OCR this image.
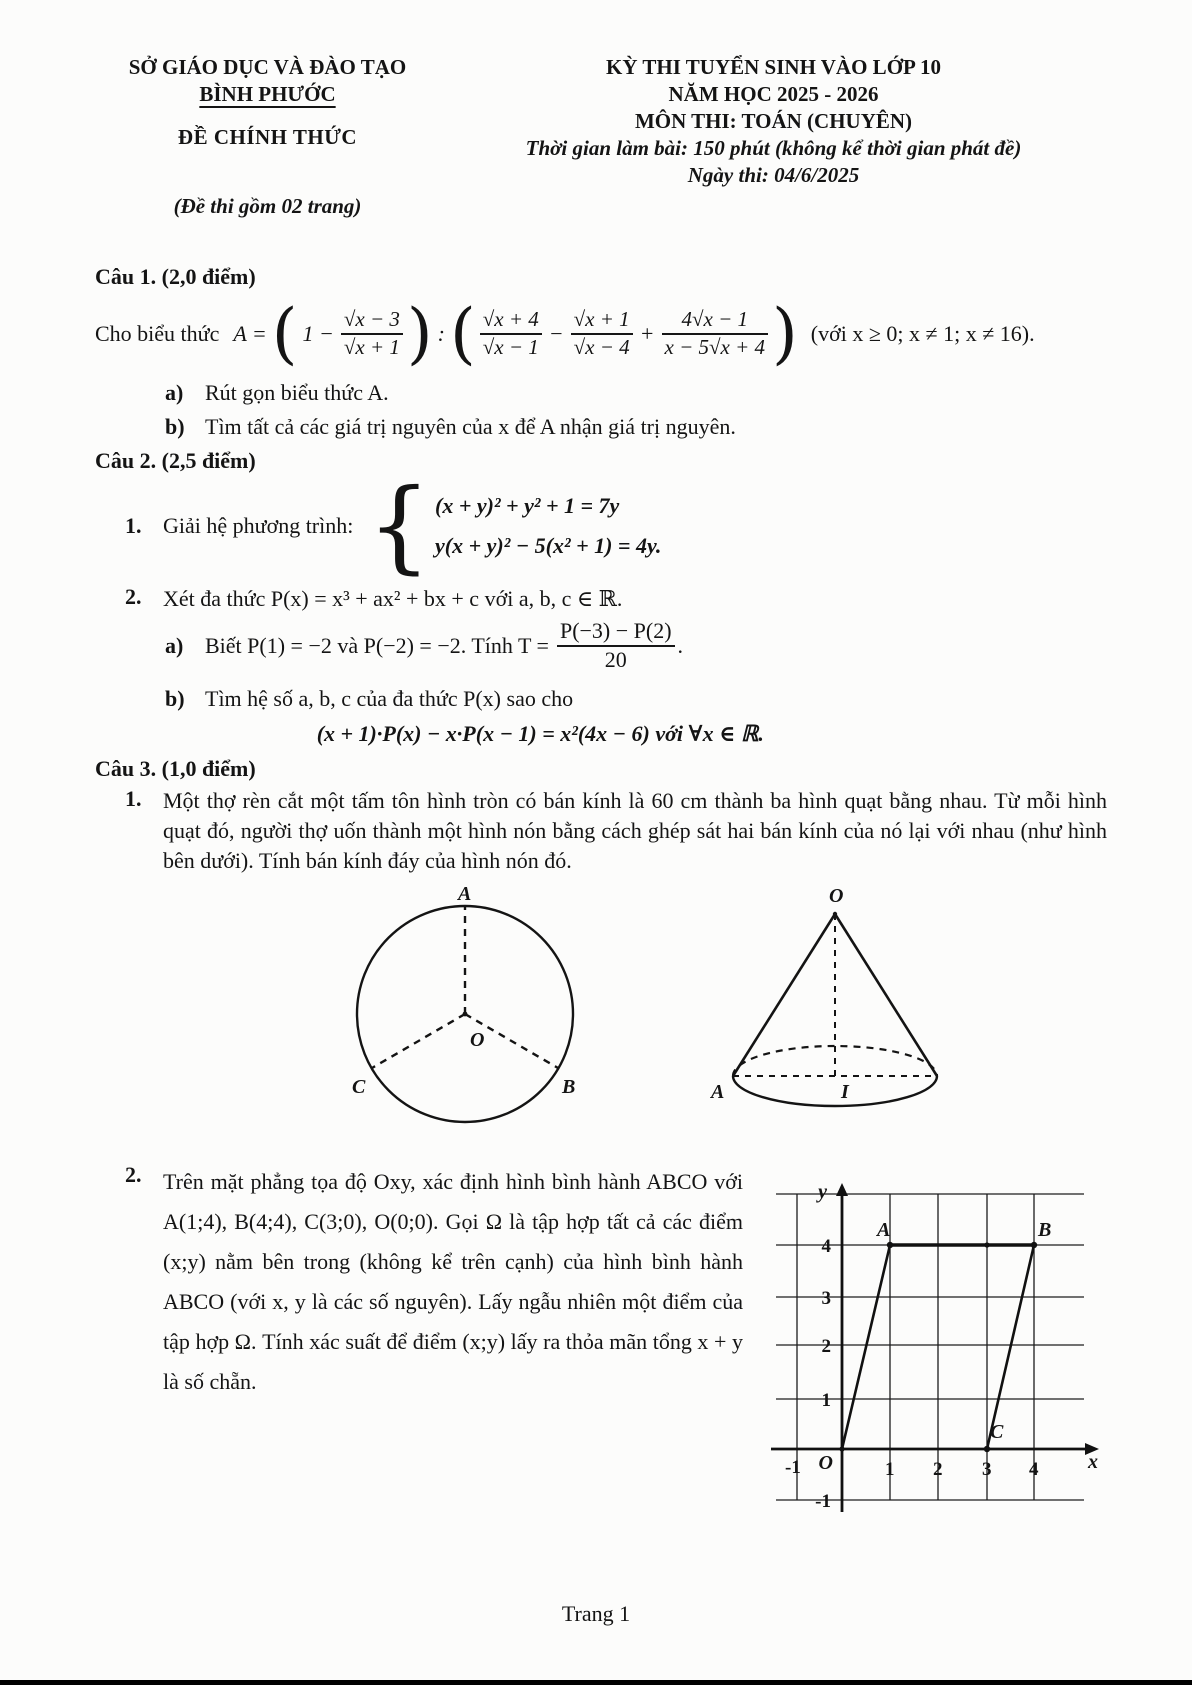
SỞ GIÁO DỤC VÀ ĐÀO TẠO
BÌNH PHƯỚC
ĐỀ CHÍNH THỨC
(Đề thi gồm 02 trang)
KỲ THI TUYỂN SINH VÀO LỚP 10
NĂM HỌC 2025 - 2026
MÔN THI: TOÁN (CHUYÊN)
Thời gian làm bài: 150 phút (không kể thời gian phát đề)
Ngày thi: 04/6/2025
Câu 1. (2,0 điểm)
Cho biểu thức A = ( $1 - \frac{√x - 3}{√x + 1}$ ) : ( $\frac{√x + 4}{√x - 1} - \frac{√x + 1}{√x - 4} + \frac{4√x - 1}{x - 5√x + 4}$ ) (với x ≥ 0; x ≠ 1; x ≠ 16).
a) Rút gọn biểu thức A.
b) Tìm tất cả các giá trị nguyên của x để A nhận giá trị nguyên.
Câu 2. (2,5 điểm)
1. Giải hệ phương trình: { (x + y)² + y² + 1 = 7y
y(x + y)² − 5(x² + 1) = 4y.
2. Xét đa thức P(x) = x³ + ax² + bx + c với a, b, c ∈ ℝ.
a) Biết P(1) = −2 và P(−2) = −2. Tính $T = \frac{P(-3) - P(2)}{20}$ .
b) Tìm hệ số a, b, c của đa thức P(x) sao cho
(x + 1)·P(x) − x·P(x − 1) = x²(4x − 6) với ∀x ∈ ℝ.
Câu 3. (1,0 điểm)
1. Một thợ rèn cắt một tấm tôn hình tròn có bán kính là 60 cm thành ba hình quạt bằng nhau. Từ mỗi hình quạt đó, người thợ uốn thành một hình nón bằng cách ghép sát hai bán kính của nó lại với nhau (như hình bên dưới). Tính bán kính đáy của hình nón đó.
A
O
B
C
O
A	I
2. Trên mặt phẳng tọa độ Oxy, xác định hình bình hành ABCO với A(1;4), B(4;4), C(3;0), O(0;0). Gọi Ω là tập hợp tất cả các điểm (x;y) nằm bên trong (không kể trên cạnh) của hình bình hành ABCO (với x, y là các số nguyên). Lấy ngẫu nhiên một điểm của tập hợp Ω. Tính xác suất để điểm (x;y) lấy ra thỏa mãn tổng x + y là số chẵn.
y
x
O
A	B
C
-1	1 2 3 4
4
3
2
1
-1
Trang 1
